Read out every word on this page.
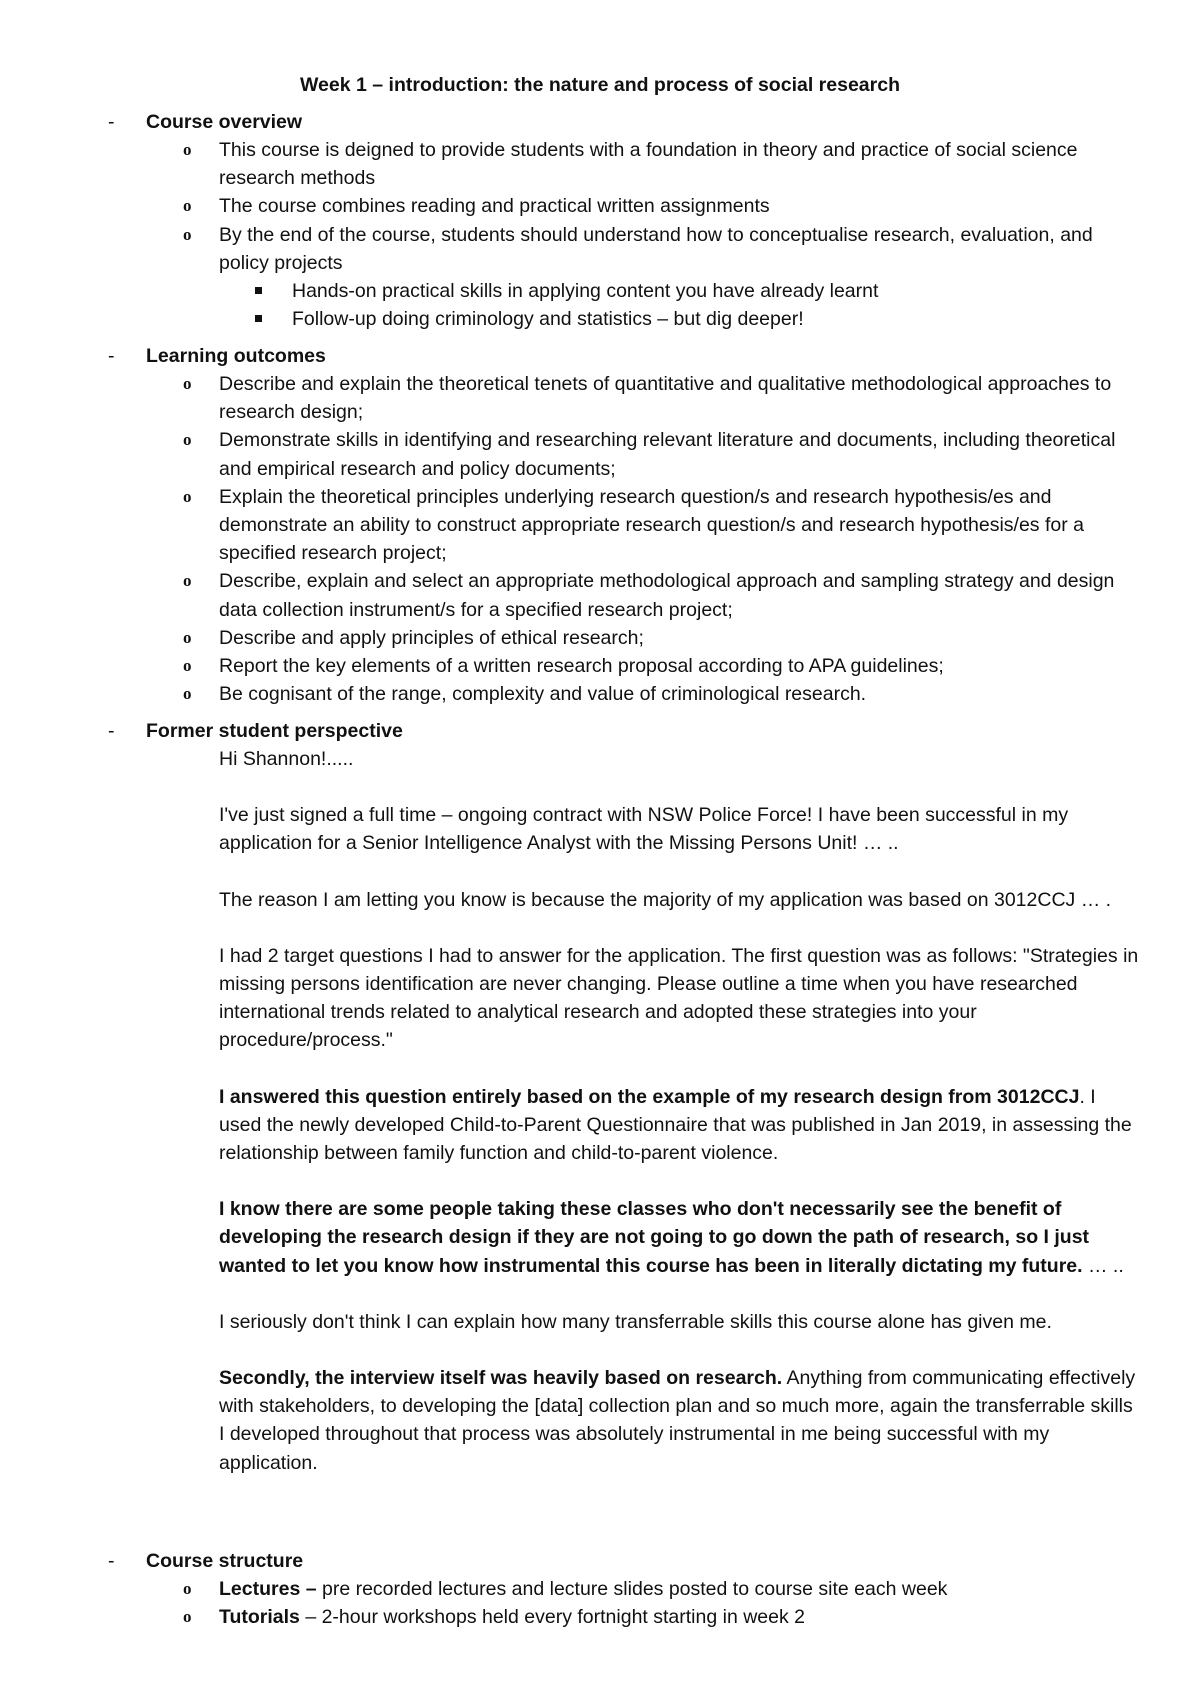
Week 1 – introduction: the nature and process of social research
- Course overview
o This course is deigned to provide students with a foundation in theory and practice of social science research methods
o The course combines reading and practical written assignments
o By the end of the course, students should understand how to conceptualise research, evaluation, and policy projects
Hands-on practical skills in applying content you have already learnt
Follow-up doing criminology and statistics – but dig deeper!
- Learning outcomes
o Describe and explain the theoretical tenets of quantitative and qualitative methodological approaches to research design;
o Demonstrate skills in identifying and researching relevant literature and documents, including theoretical and empirical research and policy documents;
o Explain the theoretical principles underlying research question/s and research hypothesis/es and demonstrate an ability to construct appropriate research question/s and research hypothesis/es for a specified research project;
o Describe, explain and select an appropriate methodological approach and sampling strategy and design data collection instrument/s for a specified research project;
o Describe and apply principles of ethical research;
o Report the key elements of a written research proposal according to APA guidelines;
o Be cognisant of the range, complexity and value of criminological research.
- Former student perspective

Hi Shannon!.....

I've just signed a full time – ongoing contract with NSW Police Force! I have been successful in my application for a Senior Intelligence Analyst with the Missing Persons Unit! … ..

The reason I am letting you know is because the majority of my application was based on 3012CCJ … .

I had 2 target questions I had to answer for the application. The first question was as follows: "Strategies in missing persons identification are never changing. Please outline a time when you have researched international trends related to analytical research and adopted these strategies into your procedure/process."

I answered this question entirely based on the example of my research design from 3012CCJ. I used the newly developed Child-to-Parent Questionnaire that was published in Jan 2019, in assessing the relationship between family function and child-to-parent violence.

I know there are some people taking these classes who don't necessarily see the benefit of developing the research design if they are not going to go down the path of research, so I just wanted to let you know how instrumental this course has been in literally dictating my future. … ..

I seriously don't think I can explain how many transferrable skills this course alone has given me.

Secondly, the interview itself was heavily based on research. Anything from communicating effectively with stakeholders, to developing the [data] collection plan and so much more, again the transferrable skills I developed throughout that process was absolutely instrumental in me being successful with my application.

- Course structure
o Lectures – pre recorded lectures and lecture slides posted to course site each week
o Tutorials – 2-hour workshops held every fortnight starting in week 2
